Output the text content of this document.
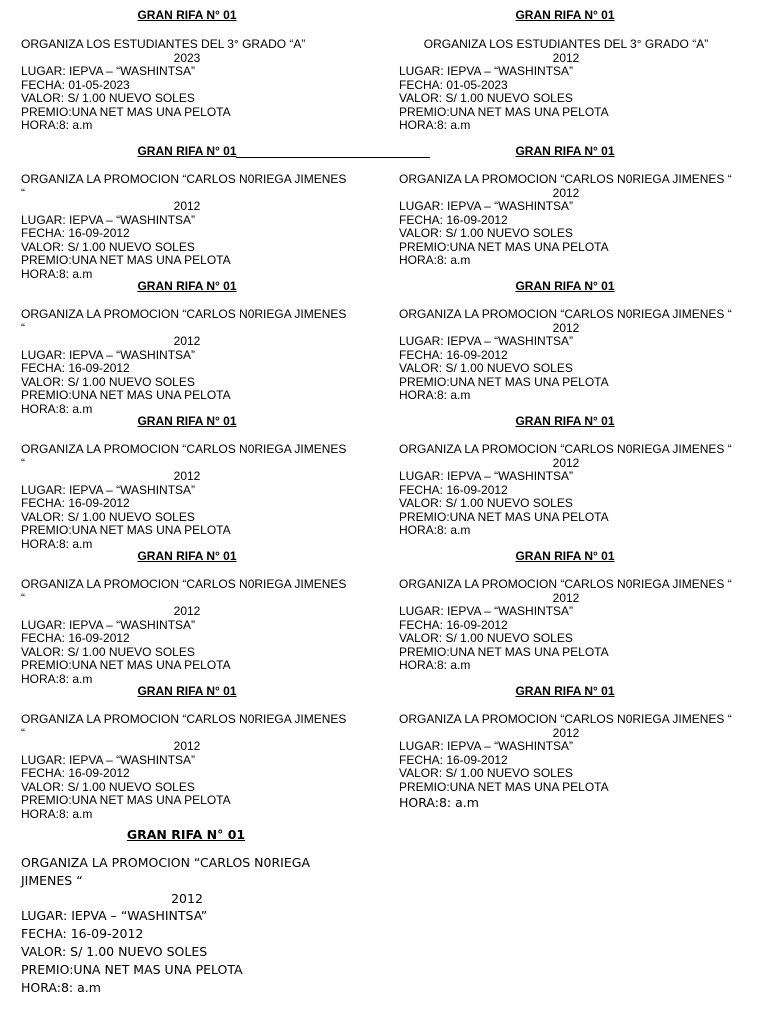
GRAN RIFA N° 01
ORGANIZA LOS ESTUDIANTES DEL 3° GRADO “A”
2023
LUGAR: IEPVA – “WASHINTSA”
FECHA: 01-05-2023
VALOR: S/ 1.00 NUEVO SOLES
PREMIO:UNA NET MAS UNA PELOTA
HORA:8: a.m
GRAN RIFA N° 01
ORGANIZA LOS ESTUDIANTES DEL 3° GRADO “A”
2012
LUGAR: IEPVA – “WASHINTSA”
FECHA: 01-05-2023
VALOR: S/ 1.00 NUEVO SOLES
PREMIO:UNA NET MAS UNA PELOTA
HORA:8: a.m
GRAN RIFA N° 01
ORGANIZA LA PROMOCION “CARLOS N0RIEGA JIMENES “
2012
LUGAR: IEPVA – “WASHINTSA”
FECHA: 16-09-2012
VALOR: S/ 1.00 NUEVO SOLES
PREMIO:UNA NET MAS UNA PELOTA
HORA:8: a.m
GRAN RIFA N° 01
ORGANIZA LA PROMOCION “CARLOS N0RIEGA JIMENES “
2012
LUGAR: IEPVA – “WASHINTSA”
FECHA: 16-09-2012
VALOR: S/ 1.00 NUEVO SOLES
PREMIO:UNA NET MAS UNA PELOTA
HORA:8: a.m
GRAN RIFA N° 01
ORGANIZA LA PROMOCION “CARLOS N0RIEGA JIMENES “
2012
LUGAR: IEPVA – “WASHINTSA”
FECHA: 16-09-2012
VALOR: S/ 1.00 NUEVO SOLES
PREMIO:UNA NET MAS UNA PELOTA
HORA:8: a.m
GRAN RIFA N° 01
ORGANIZA LA PROMOCION “CARLOS N0RIEGA JIMENES “
2012
LUGAR: IEPVA – “WASHINTSA”
FECHA: 16-09-2012
VALOR: S/ 1.00 NUEVO SOLES
PREMIO:UNA NET MAS UNA PELOTA
HORA:8: a.m
GRAN RIFA N° 01
ORGANIZA LA PROMOCION “CARLOS N0RIEGA JIMENES “
2012
LUGAR: IEPVA – “WASHINTSA”
FECHA: 16-09-2012
VALOR: S/ 1.00 NUEVO SOLES
PREMIO:UNA NET MAS UNA PELOTA
HORA:8: a.m
GRAN RIFA N° 01
ORGANIZA LA PROMOCION “CARLOS N0RIEGA JIMENES “
2012
LUGAR: IEPVA – “WASHINTSA”
FECHA: 16-09-2012
VALOR: S/ 1.00 NUEVO SOLES
PREMIO:UNA NET MAS UNA PELOTA
HORA:8: a.m
GRAN RIFA N° 01
ORGANIZA LA PROMOCION “CARLOS N0RIEGA JIMENES “
2012
LUGAR: IEPVA – “WASHINTSA”
FECHA: 16-09-2012
VALOR: S/ 1.00 NUEVO SOLES
PREMIO:UNA NET MAS UNA PELOTA
HORA:8: a.m
GRAN RIFA N° 01
ORGANIZA LA PROMOCION “CARLOS N0RIEGA JIMENES “
2012
LUGAR: IEPVA – “WASHINTSA”
FECHA: 16-09-2012
VALOR: S/ 1.00 NUEVO SOLES
PREMIO:UNA NET MAS UNA PELOTA
HORA:8: a.m
GRAN RIFA N° 01
ORGANIZA LA PROMOCION “CARLOS N0RIEGA JIMENES “
2012
LUGAR: IEPVA – “WASHINTSA”
FECHA: 16-09-2012
VALOR: S/ 1.00 NUEVO SOLES
PREMIO:UNA NET MAS UNA PELOTA
HORA:8: a.m
GRAN RIFA N° 01
ORGANIZA LA PROMOCION “CARLOS N0RIEGA JIMENES “
2012
LUGAR: IEPVA – “WASHINTSA”
FECHA: 16-09-2012
VALOR: S/ 1.00 NUEVO SOLES
PREMIO:UNA NET MAS UNA PELOTA
HORA:8: a.m
GRAN RIFA N° 01
ORGANIZA LA PROMOCION “CARLOS N0RIEGA JIMENES “
2012
LUGAR: IEPVA – “WASHINTSA”
FECHA: 16-09-2012
VALOR: S/ 1.00 NUEVO SOLES
PREMIO:UNA NET MAS UNA PELOTA
HORA:8: a.m
